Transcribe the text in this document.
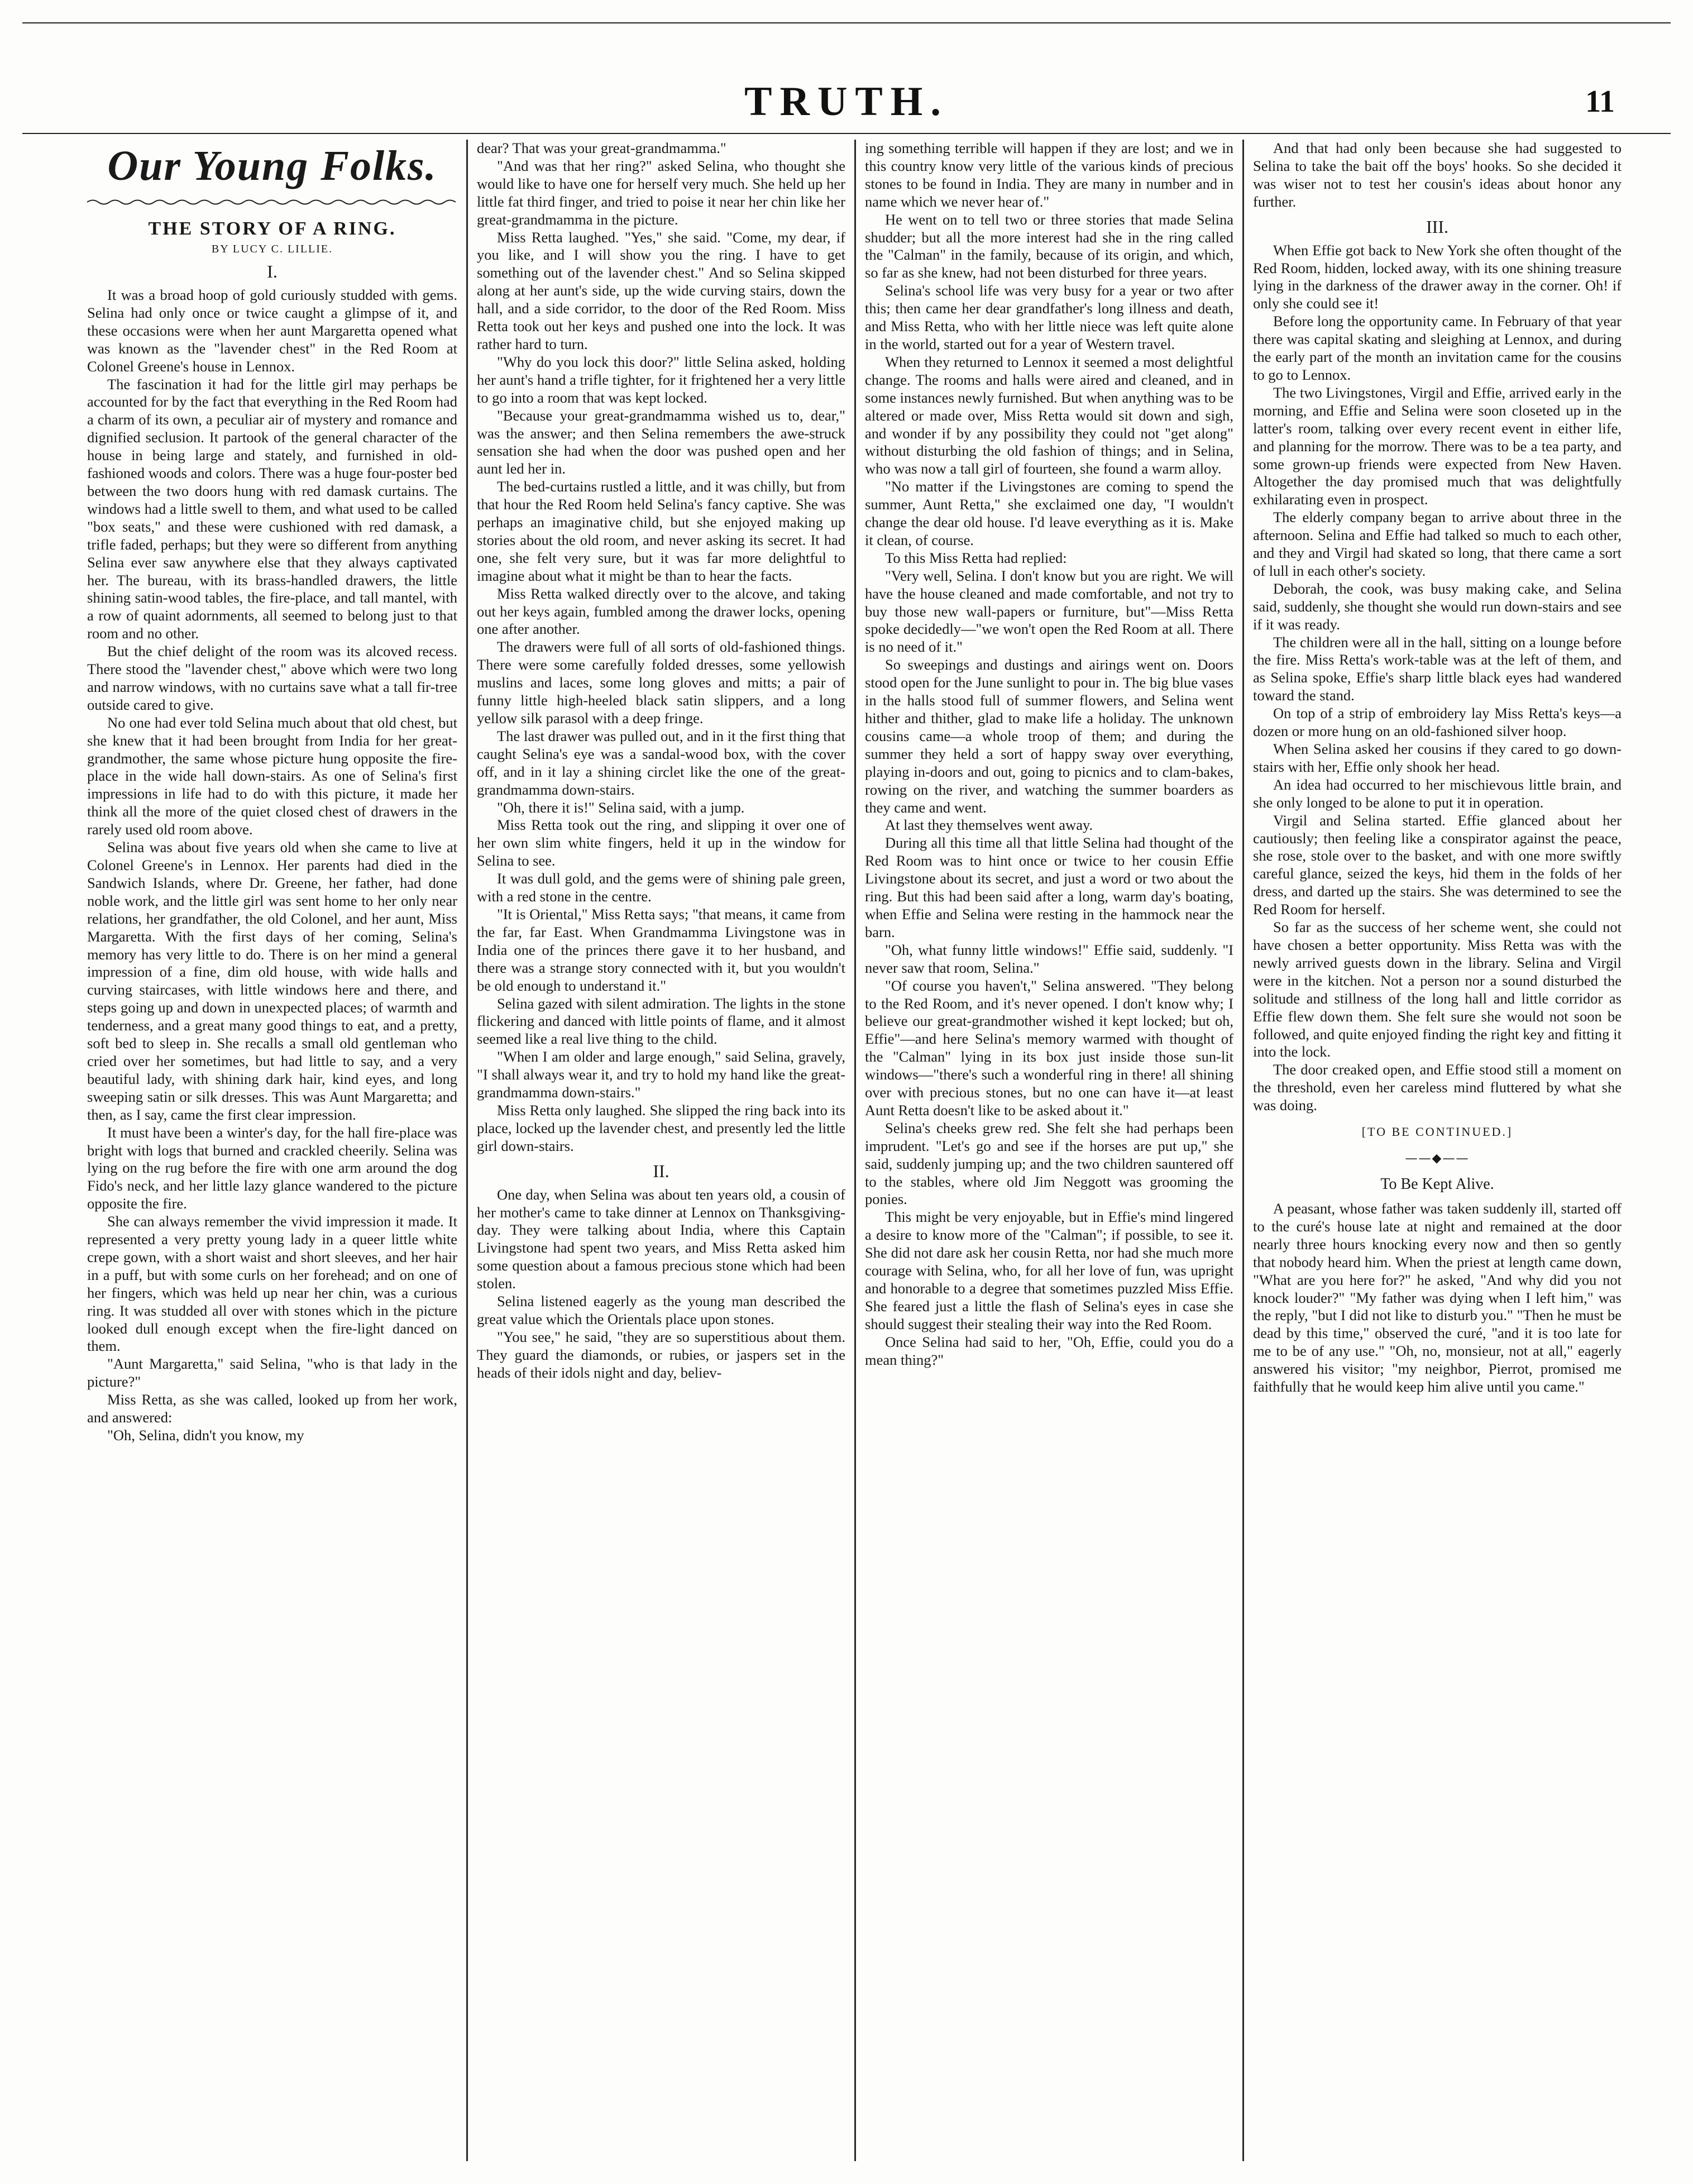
TRUTH.	11
Our Young Folks.
THE STORY OF A RING.
BY LUCY C. LILLIE.
I.

It was a broad hoop of gold curiously studded with gems. Selina had only once or twice caught a glimpse of it, and these occasions were when her aunt Margaretta opened what was known as the "lavender chest" in the Red Room at Colonel Greene's house in Lennox.

The fascination it had for the little girl may perhaps be accounted for by the fact that everything in the Red Room had a charm of its own, a peculiar air of mystery and romance and dignified seclusion. It partook of the general character of the house in being large and stately, and furnished in old-fashioned woods and colors. There was a huge four-poster bed between the two doors hung with red damask curtains. The windows had a little swell to them, and what used to be called "box seats," and these were cushioned with red damask, a trifle faded, perhaps; but they were so different from anything Selina ever saw anywhere else that they always captivated her. The bureau, with its brass-handled drawers, the little shining satin-wood tables, the fire-place, and tall mantel, with a row of quaint adornments, all seemed to belong just to that room and no other.

But the chief delight of the room was its alcoved recess. There stood the "lavender chest," above which were two long and narrow windows, with no curtains save what a tall fir-tree outside cared to give.

No one had ever told Selina much about that old chest, but she knew that it had been brought from India for her great-grandmother, the same whose picture hung opposite the fire-place in the wide hall down-stairs. As one of Selina's first impressions in life had to do with this picture, it made her think all the more of the quiet closed chest of drawers in the rarely used old room above.

Selina was about five years old when she came to live at Colonel Greene's in Lennox. Her parents had died in the Sandwich Islands, where Dr. Greene, her father, had done noble work, and the little girl was sent home to her only near relations, her grandfather, the old Colonel, and her aunt, Miss Margaretta. With the first days of her coming, Selina's memory has very little to do. There is on her mind a general impression of a fine, dim old house, with wide halls and curving staircases, with little windows here and there, and steps going up and down in unexpected places; of warmth and tenderness, and a great many good things to eat, and a pretty, soft bed to sleep in. She recalls a small old gentleman who cried over her sometimes, but had little to say, and a very beautiful lady, with shining dark hair, kind eyes, and long sweeping satin or silk dresses. This was Aunt Margaretta; and then, as I say, came the first clear impression.

It must have been a winter's day, for the hall fire-place was bright with logs that burned and crackled cheerily. Selina was lying on the rug before the fire with one arm around the dog Fido's neck, and her little lazy glance wandered to the picture opposite the fire.

She can always remember the vivid impression it made. It represented a very pretty young lady in a queer little white crepe gown, with a short waist and short sleeves, and her hair in a puff, but with some curls on her forehead; and on one of her fingers, which was held up near her chin, was a curious ring. It was studded all over with stones which in the picture looked dull enough except when the fire-light danced on them.

"Aunt Margaretta," said Selina, "who is that lady in the picture?"

Miss Retta, as she was called, looked up from her work, and answered:

"Oh, Selina, didn't you know, my

dear? That was your great-grandmamma."

"And was that her ring?" asked Selina, who thought she would like to have one for herself very much. She held up her little fat third finger, and tried to poise it near her chin like her great-grandmamma in the picture.

Miss Retta laughed. "Yes," she said. "Come, my dear, if you like, and I will show you the ring. I have to get something out of the lavender chest." And so Selina skipped along at her aunt's side, up the wide curving stairs, down the hall, and a side corridor, to the door of the Red Room. Miss Retta took out her keys and pushed one into the lock. It was rather hard to turn.

"Why do you lock this door?" little Selina asked, holding her aunt's hand a trifle tighter, for it frightened her a very little to go into a room that was kept locked.

"Because your great-grandmamma wished us to, dear," was the answer; and then Selina remembers the awe-struck sensation she had when the door was pushed open and her aunt led her in.

The bed-curtains rustled a little, and it was chilly, but from that hour the Red Room held Selina's fancy captive. She was perhaps an imaginative child, but she enjoyed making up stories about the old room, and never asking its secret. It had one, she felt very sure, but it was far more delightful to imagine about what it might be than to hear the facts.

Miss Retta walked directly over to the alcove, and taking out her keys again, fumbled among the drawer locks, opening one after another.

The drawers were full of all sorts of old-fashioned things. There were some carefully folded dresses, some yellowish muslins and laces, some long gloves and mitts; a pair of funny little high-heeled black satin slippers, and a long yellow silk parasol with a deep fringe.

The last drawer was pulled out, and in it the first thing that caught Selina's eye was a sandal-wood box, with the cover off, and in it lay a shining circlet like the one of the great-grandmamma down-stairs.

"Oh, there it is!" Selina said, with a jump.

Miss Retta took out the ring, and slipping it over one of her own slim white fingers, held it up in the window for Selina to see.

It was dull gold, and the gems were of shining pale green, with a red stone in the centre.

"It is Oriental," Miss Retta says; "that means, it came from the far, far East. When Grandmamma Livingstone was in India one of the princes there gave it to her husband, and there was a strange story connected with it, but you wouldn't be old enough to understand it."

Selina gazed with silent admiration. The lights in the stone flickering and danced with little points of flame, and it almost seemed like a real live thing to the child.

"When I am older and large enough," said Selina, gravely, "I shall always wear it, and try to hold my hand like the great-grandmamma down-stairs."

Miss Retta only laughed. She slipped the ring back into its place, locked up the lavender chest, and presently led the little girl down-stairs.

II.

One day, when Selina was about ten years old, a cousin of her mother's came to take dinner at Lennox on Thanksgiving-day. They were talking about India, where this Captain Livingstone had spent two years, and Miss Retta asked him some question about a famous precious stone which had been stolen.

Selina listened eagerly as the young man described the great value which the Orientals place upon stones.

"You see," he said, "they are so superstitious about them. They guard the diamonds, or rubies, or jaspers set in the heads of their idols night and day, believ-

ing something terrible will happen if they are lost; and we in this country know very little of the various kinds of precious stones to be found in India. They are many in number and in name which we never hear of."

He went on to tell two or three stories that made Selina shudder; but all the more interest had she in the ring called the "Calman" in the family, because of its origin, and which, so far as she knew, had not been disturbed for three years.

Selina's school life was very busy for a year or two after this; then came her dear grandfather's long illness and death, and Miss Retta, who with her little niece was left quite alone in the world, started out for a year of Western travel.

When they returned to Lennox it seemed a most delightful change. The rooms and halls were aired and cleaned, and in some instances newly furnished. But when anything was to be altered or made over, Miss Retta would sit down and sigh, and wonder if by any possibility they could not "get along" without disturbing the old fashion of things; and in Selina, who was now a tall girl of fourteen, she found a warm alloy.

"No matter if the Livingstones are coming to spend the summer, Aunt Retta," she exclaimed one day, "I wouldn't change the dear old house. I'd leave everything as it is. Make it clean, of course.

To this Miss Retta had replied:

"Very well, Selina. I don't know but you are right. We will have the house cleaned and made comfortable, and not try to buy those new wall-papers or furniture, but"—Miss Retta spoke decidedly—"we won't open the Red Room at all. There is no need of it."

So sweepings and dustings and airings went on. Doors stood open for the June sunlight to pour in. The big blue vases in the halls stood full of summer flowers, and Selina went hither and thither, glad to make life a holiday. The unknown cousins came—a whole troop of them; and during the summer they held a sort of happy sway over everything, playing in-doors and out, going to picnics and to clam-bakes, rowing on the river, and watching the summer boarders as they came and went.

At last they themselves went away.

During all this time all that little Selina had thought of the Red Room was to hint once or twice to her cousin Effie Livingstone about its secret, and just a word or two about the ring. But this had been said after a long, warm day's boating, when Effie and Selina were resting in the hammock near the barn.

"Oh, what funny little windows!" Effie said, suddenly. "I never saw that room, Selina."

"Of course you haven't," Selina answered. "They belong to the Red Room, and it's never opened. I don't know why; I believe our great-grandmother wished it kept locked; but oh, Effie"—and here Selina's memory warmed with thought of the "Calman" lying in its box just inside those sun-lit windows—"there's such a wonderful ring in there! all shining over with precious stones, but no one can have it—at least Aunt Retta doesn't like to be asked about it."

Selina's cheeks grew red. She felt she had perhaps been imprudent. "Let's go and see if the horses are put up," she said, suddenly jumping up; and the two children sauntered off to the stables, where old Jim Neggott was grooming the ponies.

This might be very enjoyable, but in Effie's mind lingered a desire to know more of the "Calman"; if possible, to see it. She did not dare ask her cousin Retta, nor had she much more courage with Selina, who, for all her love of fun, was upright and honorable to a degree that sometimes puzzled Miss Effie. She feared just a little the flash of Selina's eyes in case she should suggest their stealing their way into the Red Room.

Once Selina had said to her, "Oh, Effie, could you do a mean thing?"

And that had only been because she had suggested to Selina to take the bait off the boys' hooks. So she decided it was wiser not to test her cousin's ideas about honor any further.

III.

When Effie got back to New York she often thought of the Red Room, hidden, locked away, with its one shining treasure lying in the darkness of the drawer away in the corner. Oh! if only she could see it!

Before long the opportunity came. In February of that year there was capital skating and sleighing at Lennox, and during the early part of the month an invitation came for the cousins to go to Lennox.

The two Livingstones, Virgil and Effie, arrived early in the morning, and Effie and Selina were soon closeted up in the latter's room, talking over every recent event in either life, and planning for the morrow. There was to be a tea party, and some grown-up friends were expected from New Haven. Altogether the day promised much that was delightfully exhilarating even in prospect.

The elderly company began to arrive about three in the afternoon. Selina and Effie had talked so much to each other, and they and Virgil had skated so long, that there came a sort of lull in each other's society.

Deborah, the cook, was busy making cake, and Selina said, suddenly, she thought she would run down-stairs and see if it was ready.

The children were all in the hall, sitting on a lounge before the fire. Miss Retta's work-table was at the left of them, and as Selina spoke, Effie's sharp little black eyes had wandered toward the stand.

On top of a strip of embroidery lay Miss Retta's keys—a dozen or more hung on an old-fashioned silver hoop.

When Selina asked her cousins if they cared to go down-stairs with her, Effie only shook her head.

An idea had occurred to her mischievous little brain, and she only longed to be alone to put it in operation.

Virgil and Selina started. Effie glanced about her cautiously; then feeling like a conspirator against the peace, she rose, stole over to the basket, and with one more swiftly careful glance, seized the keys, hid them in the folds of her dress, and darted up the stairs. She was determined to see the Red Room for herself.

So far as the success of her scheme went, she could not have chosen a better opportunity. Miss Retta was with the newly arrived guests down in the library. Selina and Virgil were in the kitchen. Not a person nor a sound disturbed the solitude and stillness of the long hall and little corridor as Effie flew down them. She felt sure she would not soon be followed, and quite enjoyed finding the right key and fitting it into the lock.

The door creaked open, and Effie stood still a moment on the threshold, even her careless mind fluttered by what she was doing.

[TO BE CONTINUED.]
——◆——
To Be Kept Alive.

A peasant, whose father was taken suddenly ill, started off to the curé's house late at night and remained at the door nearly three hours knocking every now and then so gently that nobody heard him. When the priest at length came down, "What are you here for?" he asked, "And why did you not knock louder?" "My father was dying when I left him," was the reply, "but I did not like to disturb you." "Then he must be dead by this time," observed the curé, "and it is too late for me to be of any use." "Oh, no, monsieur, not at all," eagerly answered his visitor; "my neighbor, Pierrot, promised me faithfully that he would keep him alive until you came."
